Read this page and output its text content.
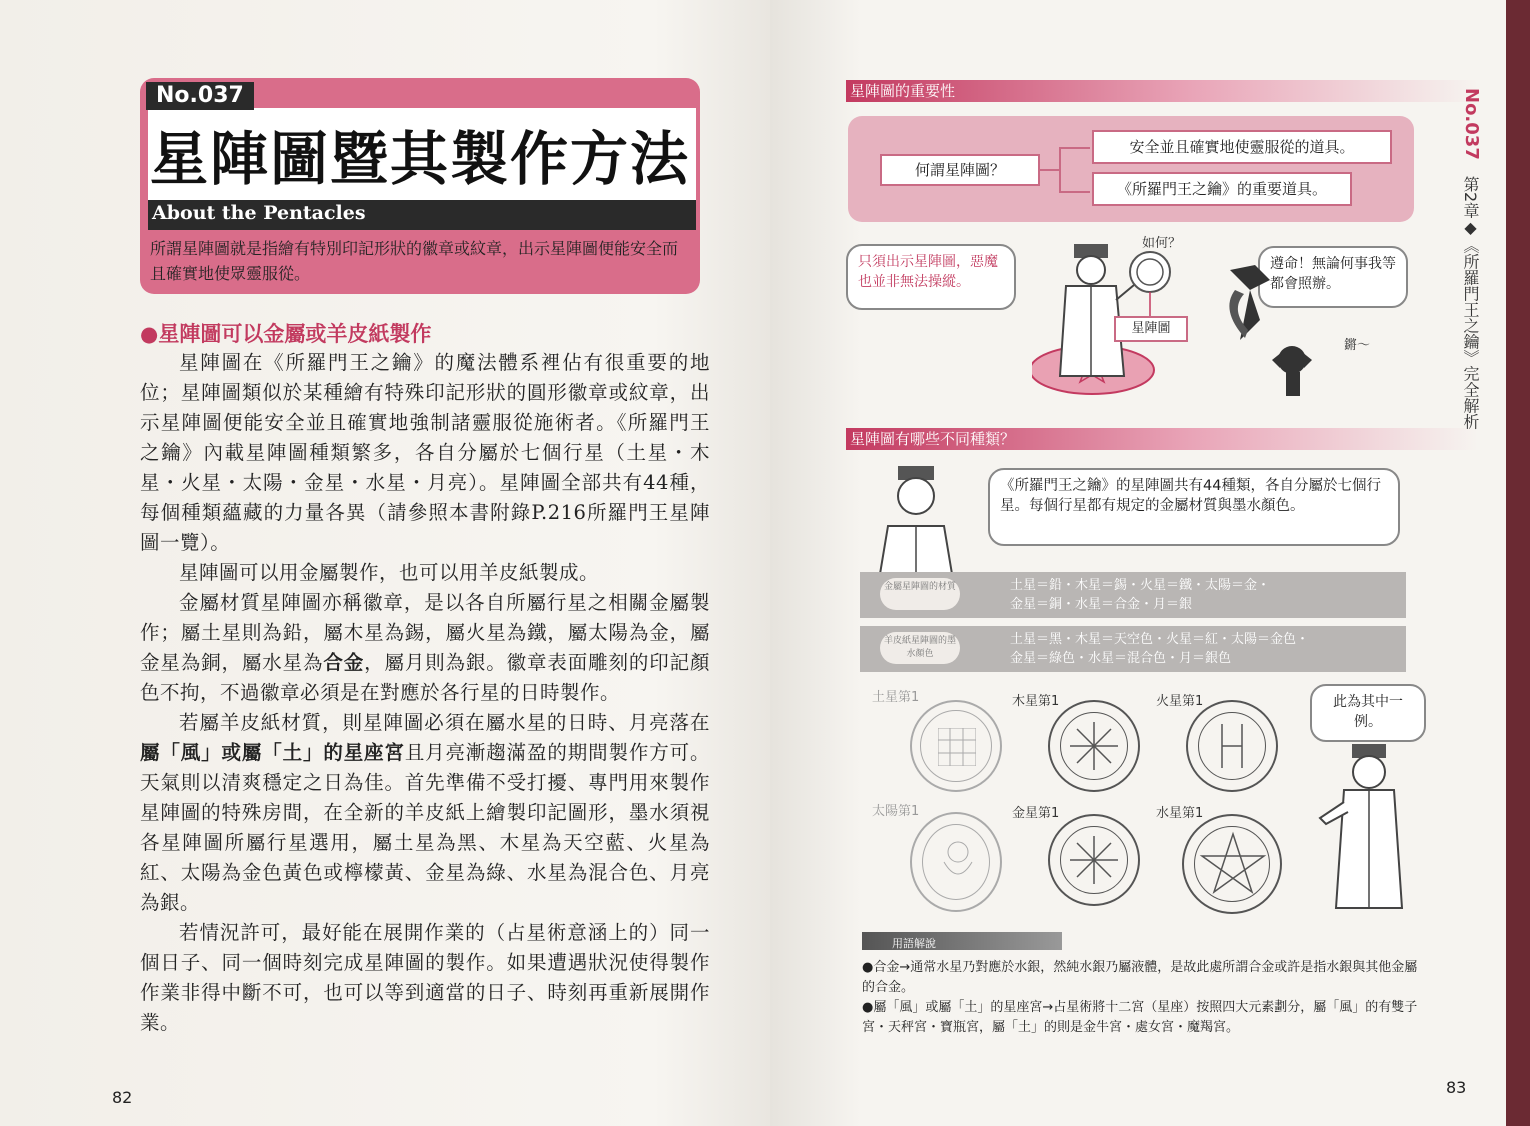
No.037
星陣圖暨其製作方法
About the Pentacles
所謂星陣圖就是指繪有特別印記形狀的徽章或紋章，出示星陣圖便能安全而且確實地使眾靈服從。
●星陣圖可以金屬或羊皮紙製作

星陣圖在《所羅門王之鑰》的魔法體系裡佔有很重要的地位；星陣圖類似於某種繪有特殊印記形狀的圓形徽章或紋章，出示星陣圖便能安全並且確實地強制諸靈服從施術者。《所羅門王之鑰》內載星陣圖種類繁多，各自分屬於七個行星（土星・木星・火星・太陽・金星・水星・月亮）。星陣圖全部共有44種，每個種類蘊藏的力量各異（請參照本書附錄P.216所羅門王星陣圖一覽）。

星陣圖可以用金屬製作，也可以用羊皮紙製成。

金屬材質星陣圖亦稱徽章，是以各自所屬行星之相關金屬製作；屬土星則為鉛，屬木星為錫，屬火星為鐵，屬太陽為金，屬金星為銅，屬水星為合金，屬月則為銀。徽章表面雕刻的印記顏色不拘，不過徽章必須是在對應於各行星的日時製作。

若屬羊皮紙材質，則星陣圖必須在屬水星的日時、月亮落在屬「風」或屬「土」的星座宮且月亮漸趨滿盈的期間製作方可。天氣則以清爽穩定之日為佳。首先準備不受打擾、專門用來製作星陣圖的特殊房間，在全新的羊皮紙上繪製印記圖形，墨水須視各星陣圖所屬行星選用，屬土星為黑、木星為天空藍、火星為紅、太陽為金色黃色或檸檬黃、金星為綠、水星為混合色、月亮為銀。

若情況許可，最好能在展開作業的（占星術意涵上的）同一個日子、同一個時刻完成星陣圖的製作。如果遭遇狀況使得製作作業非得中斷不可，也可以等到適當的日子、時刻再重新展開作業。

82
星陣圖的重要性
何謂星陣圖？
安全並且確實地使靈服從的道具。
《所羅門王之鑰》的重要道具。
只須出示星陣圖，惡魔也並非無法操縱。
如何？
遵命！無論何事我等都會照辦。
星陣圖
鏘～
星陣圖有哪些不同種類？
《所羅門王之鑰》的星陣圖共有44種類，各自分屬於七個行星。每個行星都有規定的金屬材質與墨水顏色。
金屬星陣圖的材質	土星＝鉛・木星＝錫・火星＝鐵・太陽＝金・
金星＝銅・水星＝合金・月＝銀
羊皮紙星陣圖的墨水顏色
土星＝黑・木星＝天空色・火星＝紅・太陽＝金色・
金星＝綠色・水星＝混合色・月＝銀色
土星第1	木星第1	火星第1
太陽第1	金星第1	水星第1
此為其中一例。
用語解說
●合金→通常水星乃對應於水銀，然純水銀乃屬液體，是故此處所謂合金或許是指水銀與其他金屬的合金。
●屬「風」或屬「土」的星座宮→占星術將十二宮（星座）按照四大元素劃分，屬「風」的有雙子宮・天秤宮・寶瓶宮，屬「土」的則是金牛宮・處女宮・魔羯宮。
83
No.037
第2章◆《所羅門王之鑰》完全解析
